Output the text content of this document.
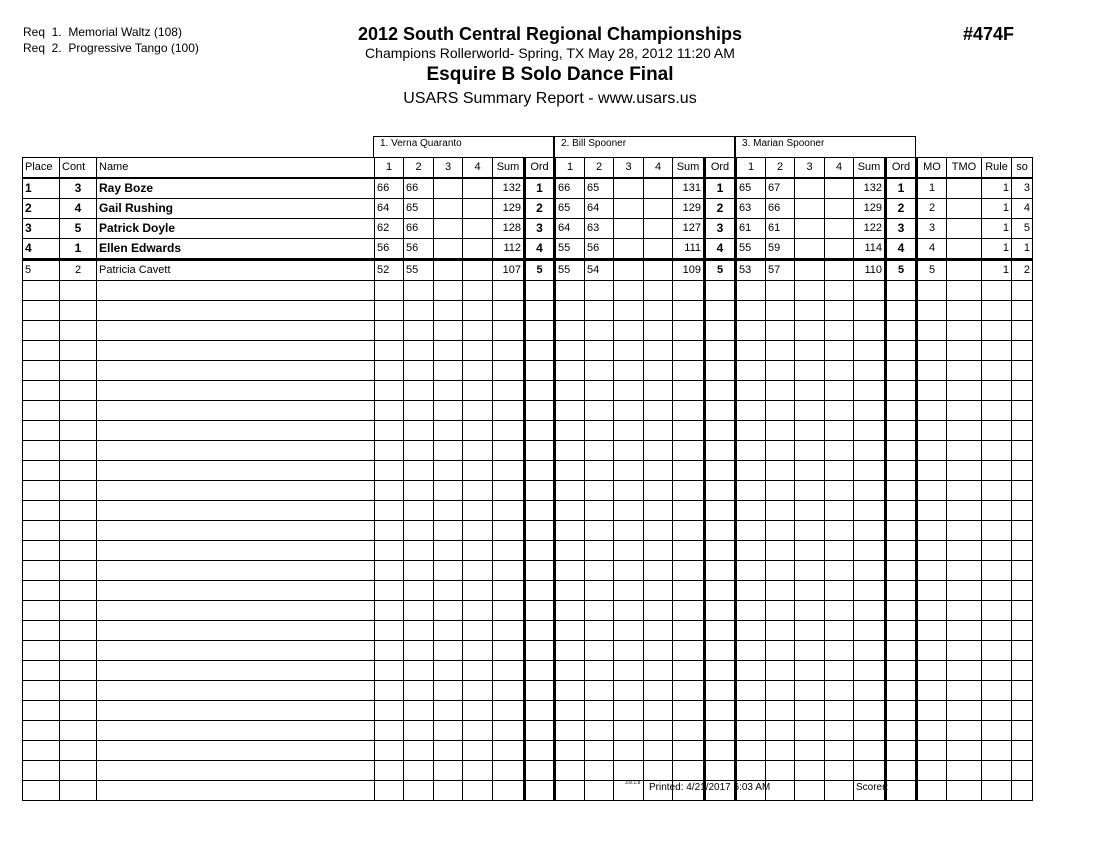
Req  1.  Memorial Waltz (108)
Req  2.  Progressive Tango (100)
2012 South Central Regional Championships
Champions Rollerworld- Spring, TX May 28, 2012 11:20 AM
Esquire B Solo Dance Final
USARS Summary Report - www.usars.us
#474F
1. Verna Quaranto	2. Bill Spooner	3. Marian Spooner
Place	Cont	Name	1	2	3	4	Sum	Ord	1	2	3	4	Sum	Ord	1	2	3	4	Sum	Ord	MO	TMO	Rule	so
1	3	Ray Boze	66	66			132	1	66	65			131	1	65	67			132	1	1		1	3
2	4	Gail Rushing	64	65			129	2	65	64			129	2	63	66			129	2	2		1	4
3	5	Patrick Doyle	62	66			128	3	64	63			127	3	61	61			122	3	3		1	5
4	1	Ellen Edwards	56	56			112	4	55	56			111	4	55	59			114	4	4		1	1
5	2	Patricia Cavett	52	55			107	5	55	54			109	5	53	57			110	5	5		1	2

3.8.1.8 Printed: 4/21/2017 6:03 AM	Scorer:
